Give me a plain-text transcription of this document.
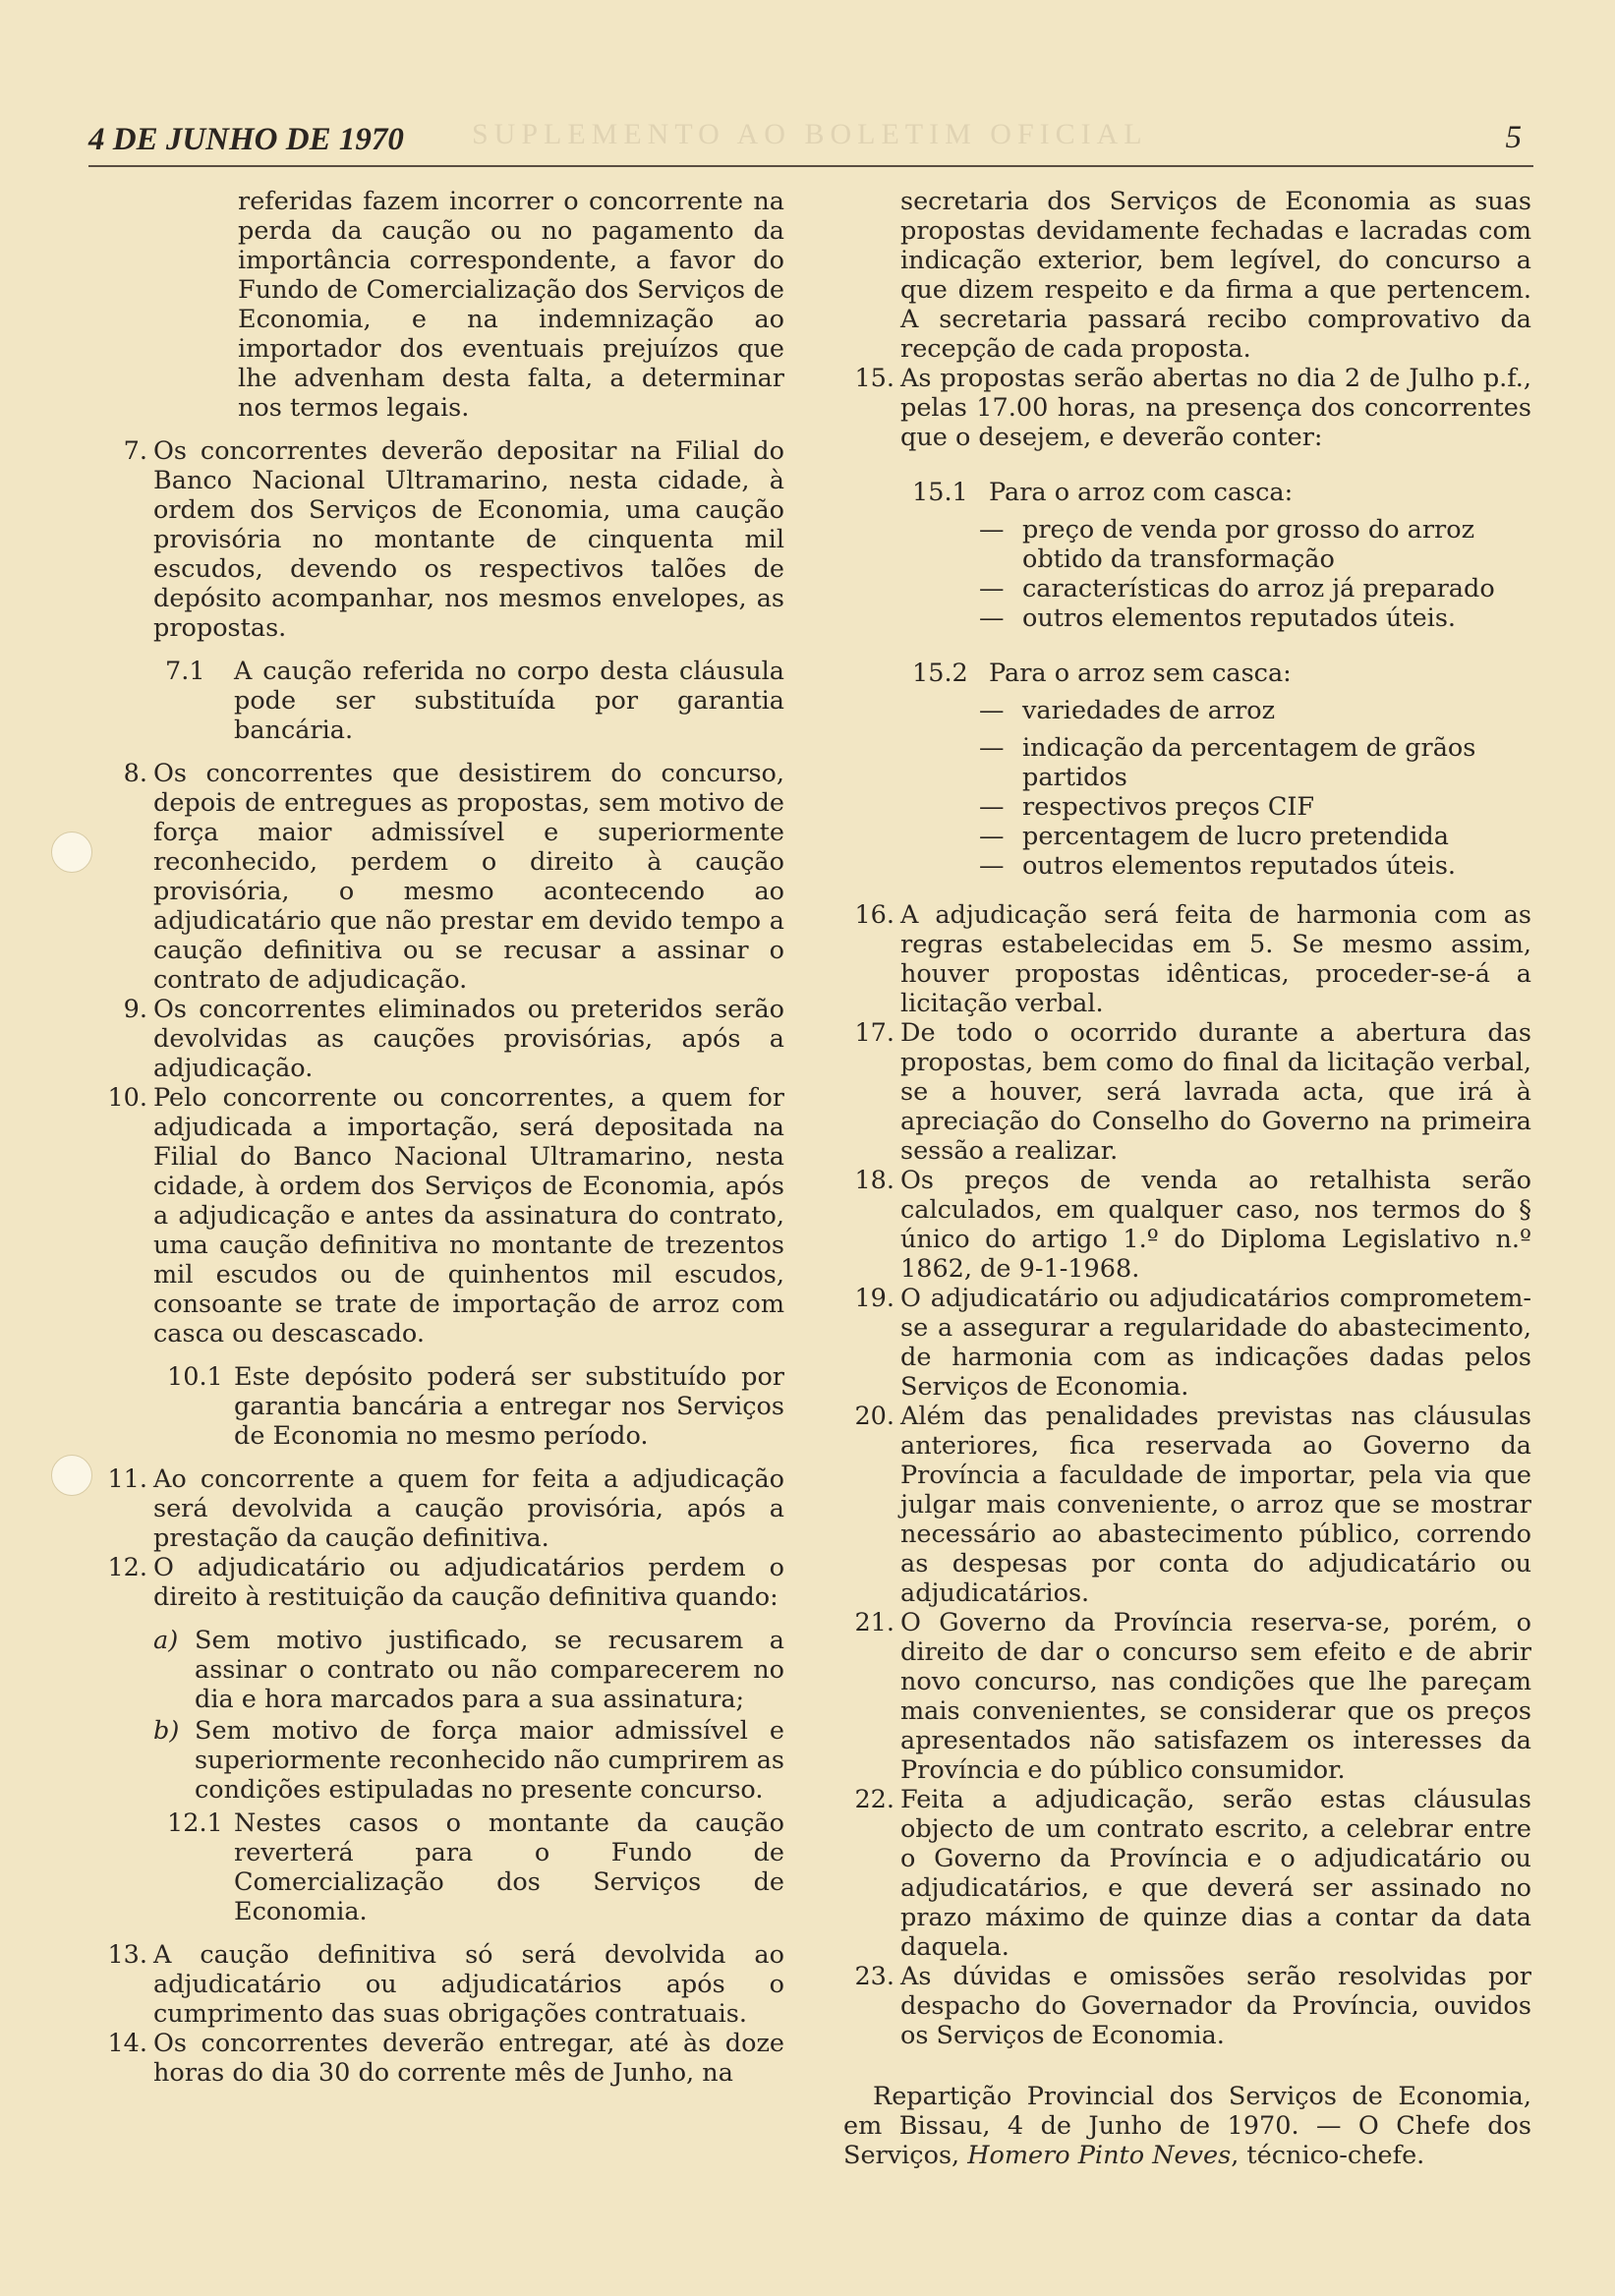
SUPLEMENTO AO BOLETIM OFICIAL
4 DE JUNHO DE 1970	5
referidas fazem incorrer o concorrente na perda da caução ou no pagamento da importância correspondente, a favor do Fundo de Comercialização dos Serviços de Economia, e na indemnização ao importador dos eventuais prejuízos que lhe advenham desta falta, a determinar nos termos legais.
7. Os concorrentes deverão depositar na Filial do Banco Nacional Ultramarino, nesta cidade, à ordem dos Serviços de Economia, uma caução provisória no montante de cinquenta mil escudos, devendo os respectivos talões de depósito acompanhar, nos mesmos envelopes, as propostas.
7.1 A caução referida no corpo desta cláusula pode ser substituída por garantia bancária.
8. Os concorrentes que desistirem do concurso, depois de entregues as propostas, sem motivo de força maior admissível e superiormente reconhecido, perdem o direito à caução provisória, o mesmo acontecendo ao adjudicatário que não prestar em devido tempo a caução definitiva ou se recusar a assinar o contrato de adjudicação.
9. Os concorrentes eliminados ou preteridos serão devolvidas as cauções provisórias, após a adjudicação.
10. Pelo concorrente ou concorrentes, a quem for adjudicada a importação, será depositada na Filial do Banco Nacional Ultramarino, nesta cidade, à ordem dos Serviços de Economia, após a adjudicação e antes da assinatura do contrato, uma caução definitiva no montante de trezentos mil escudos ou de quinhentos mil escudos, consoante se trate de importação de arroz com casca ou descascado.
10.1 Este depósito poderá ser substituído por garantia bancária a entregar nos Serviços de Economia no mesmo período.
11. Ao concorrente a quem for feita a adjudicação será devolvida a caução provisória, após a prestação da caução definitiva.
12. O adjudicatário ou adjudicatários perdem o direito à restituição da caução definitiva quando:
a) Sem motivo justificado, se recusarem a assinar o contrato ou não comparecerem no dia e hora marcados para a sua assinatura;
b) Sem motivo de força maior admissível e superiormente reconhecido não cumprirem as condições estipuladas no presente concurso.
12.1 Nestes casos o montante da caução reverterá para o Fundo de Comercialização dos Serviços de Economia.
13. A caução definitiva só será devolvida ao adjudicatário ou adjudicatários após o cumprimento das suas obrigações contratuais.
14. Os concorrentes deverão entregar, até às doze horas do dia 30 do corrente mês de Junho, na
secretaria dos Serviços de Economia as suas propostas devidamente fechadas e lacradas com indicação exterior, bem legível, do concurso a que dizem respeito e da firma a que pertencem. A secretaria passará recibo comprovativo da recepção de cada proposta.
15. As propostas serão abertas no dia 2 de Julho p.f., pelas 17.00 horas, na presença dos concorrentes que o desejem, e deverão conter:
15.1 Para o arroz com casca:
— preço de venda por grosso do arroz obtido da transformação
— características do arroz já preparado
— outros elementos reputados úteis.
15.2 Para o arroz sem casca:
— variedades de arroz
— indicação da percentagem de grãos partidos
— respectivos preços CIF
— percentagem de lucro pretendida
— outros elementos reputados úteis.
16. A adjudicação será feita de harmonia com as regras estabelecidas em 5. Se mesmo assim, houver propostas idênticas, proceder-se-á a licitação verbal.
17. De todo o ocorrido durante a abertura das propostas, bem como do final da licitação verbal, se a houver, será lavrada acta, que irá à apreciação do Conselho do Governo na primeira sessão a realizar.
18. Os preços de venda ao retalhista serão calculados, em qualquer caso, nos termos do § único do artigo 1.º do Diploma Legislativo n.º 1862, de 9-1-1968.
19. O adjudicatário ou adjudicatários comprometem-se a assegurar a regularidade do abastecimento, de harmonia com as indicações dadas pelos Serviços de Economia.
20. Além das penalidades previstas nas cláusulas anteriores, fica reservada ao Governo da Província a faculdade de importar, pela via que julgar mais conveniente, o arroz que se mostrar necessário ao abastecimento público, correndo as despesas por conta do adjudicatário ou adjudicatários.
21. O Governo da Província reserva-se, porém, o direito de dar o concurso sem efeito e de abrir novo concurso, nas condições que lhe pareçam mais convenientes, se considerar que os preços apresentados não satisfazem os interesses da Província e do público consumidor.
22. Feita a adjudicação, serão estas cláusulas objecto de um contrato escrito, a celebrar entre o Governo da Província e o adjudicatário ou adjudicatários, e que deverá ser assinado no prazo máximo de quinze dias a contar da data daquela.
23. As dúvidas e omissões serão resolvidas por despacho do Governador da Província, ouvidos os Serviços de Economia.
Repartição Provincial dos Serviços de Economia, em Bissau, 4 de Junho de 1970. — O Chefe dos Serviços, Homero Pinto Neves, técnico-chefe.
